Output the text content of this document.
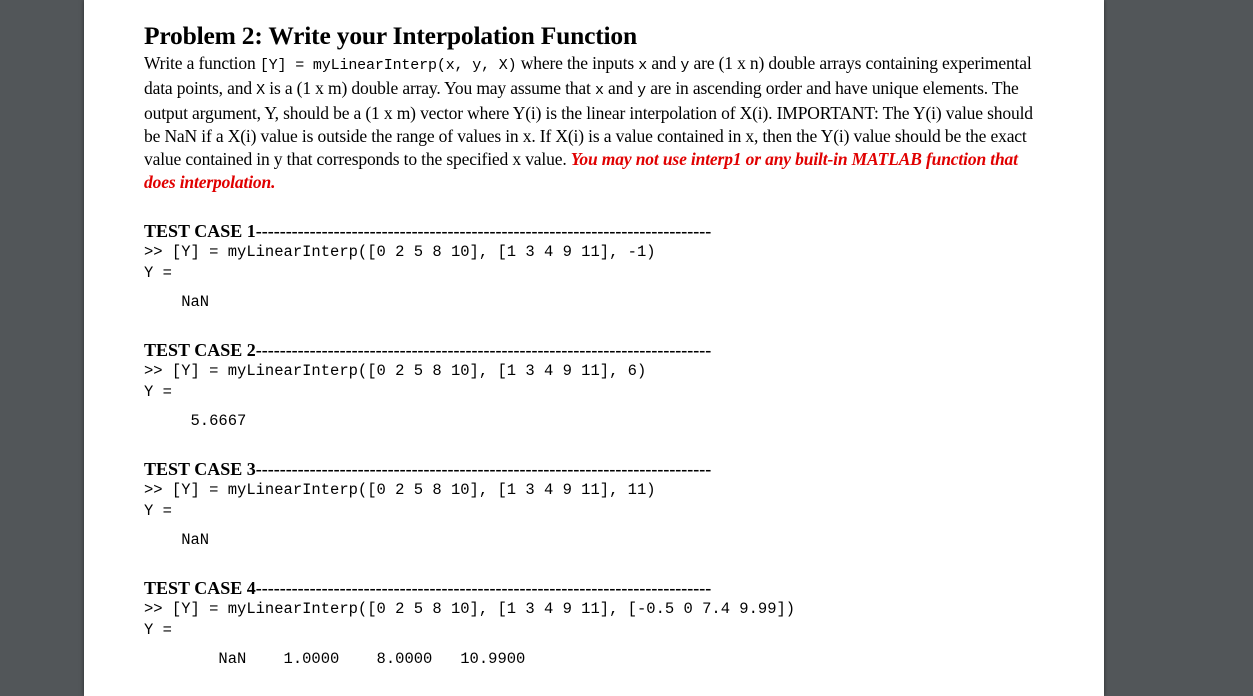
Problem 2: Write your Interpolation Function

Write a function [Y] = myLinearInterp(x, y, X) where the inputs x and y are (1 x n) double arrays containing experimental data points, and X is a (1 x m) double array. You may assume that x and y are in ascending order and have unique elements. The output argument, Y, should be a (1 x m) vector where Y(i) is the linear interpolation of X(i). IMPORTANT: The Y(i) value should be NaN if a X(i) value is outside the range of values in x. If X(i) is a value contained in x, then the Y(i) value should be the exact value contained in y that corresponds to the specified x value. You may not use interp1 or any built-in MATLAB function that does interpolation.

TEST CASE 1----------------------------------------------------------------------------
>> [Y] = myLinearInterp([0 2 5 8 10], [1 3 4 9 11], -1)
Y =
NaN
TEST CASE 2----------------------------------------------------------------------------
>> [Y] = myLinearInterp([0 2 5 8 10], [1 3 4 9 11], 6)
Y =
5.6667
TEST CASE 3----------------------------------------------------------------------------
>> [Y] = myLinearInterp([0 2 5 8 10], [1 3 4 9 11], 11)
Y =
NaN
TEST CASE 4----------------------------------------------------------------------------
>> [Y] = myLinearInterp([0 2 5 8 10], [1 3 4 9 11], [-0.5 0 7.4 9.99])
Y =
NaN    1.0000    8.0000   10.9900
